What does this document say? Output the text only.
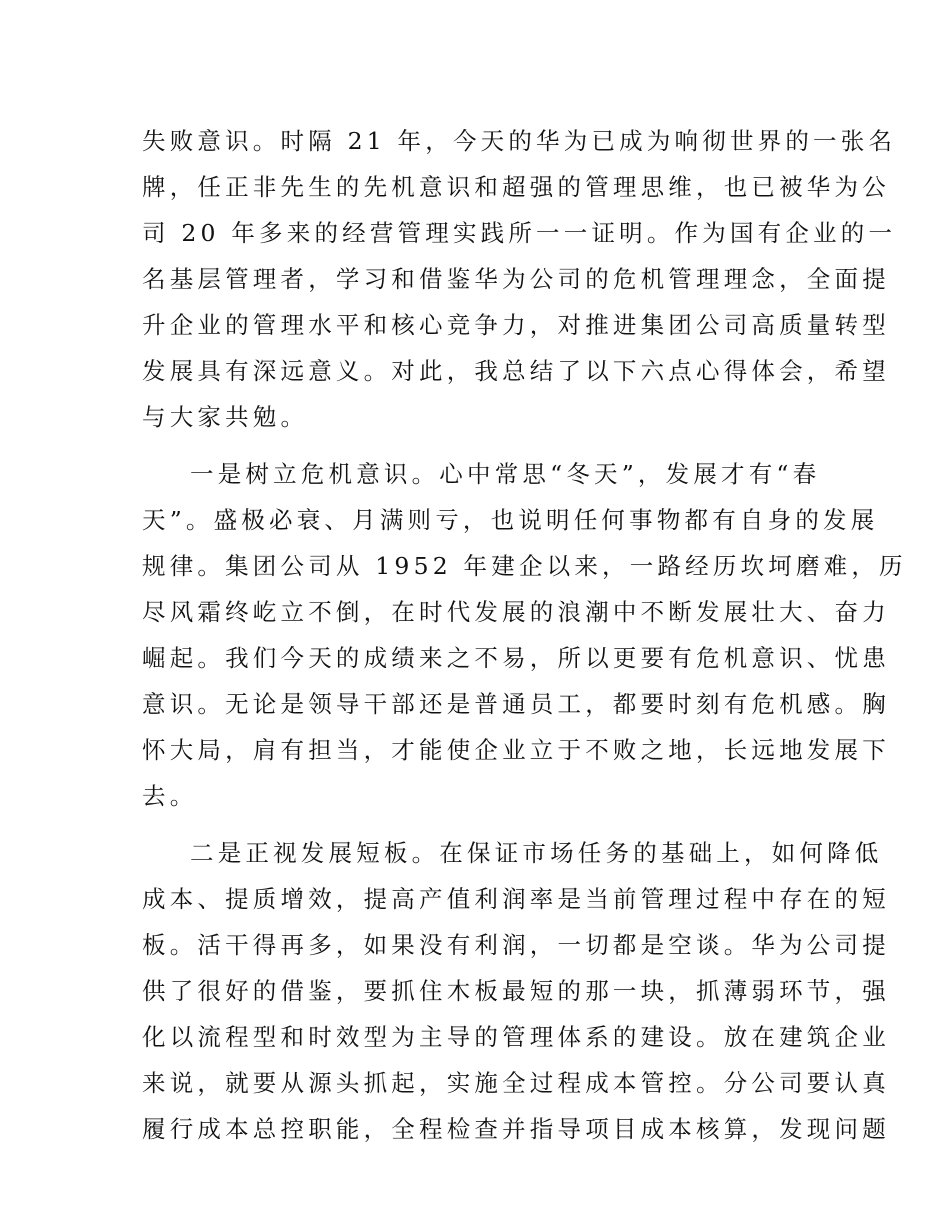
失败意识。时隔 21 年，今天的华为已成为响彻世界的一张名
牌，任正非先生的先机意识和超强的管理思维，也已被华为公
司 20 年多来的经营管理实践所一一证明。作为国有企业的一
名基层管理者，学习和借鉴华为公司的危机管理理念，全面提
升企业的管理水平和核心竞争力，对推进集团公司高质量转型
发展具有深远意义。对此，我总结了以下六点心得体会，希望
与大家共勉。
一是树立危机意识。心中常思“冬天”，发展才有“春
天”。盛极必衰、月满则亏，也说明任何事物都有自身的发展
规律。集团公司从 1952 年建企以来，一路经历坎坷磨难，历
尽风霜终屹立不倒，在时代发展的浪潮中不断发展壮大、奋力
崛起。我们今天的成绩来之不易，所以更要有危机意识、忧患
意识。无论是领导干部还是普通员工，都要时刻有危机感。胸
怀大局，肩有担当，才能使企业立于不败之地，长远地发展下
去。
二是正视发展短板。在保证市场任务的基础上，如何降低
成本、提质增效，提高产值利润率是当前管理过程中存在的短
板。活干得再多，如果没有利润，一切都是空谈。华为公司提
供了很好的借鉴，要抓住木板最短的那一块，抓薄弱环节，强
化以流程型和时效型为主导的管理体系的建设。放在建筑企业
来说，就要从源头抓起，实施全过程成本管控。分公司要认真
履行成本总控职能，全程检查并指导项目成本核算，发现问题
